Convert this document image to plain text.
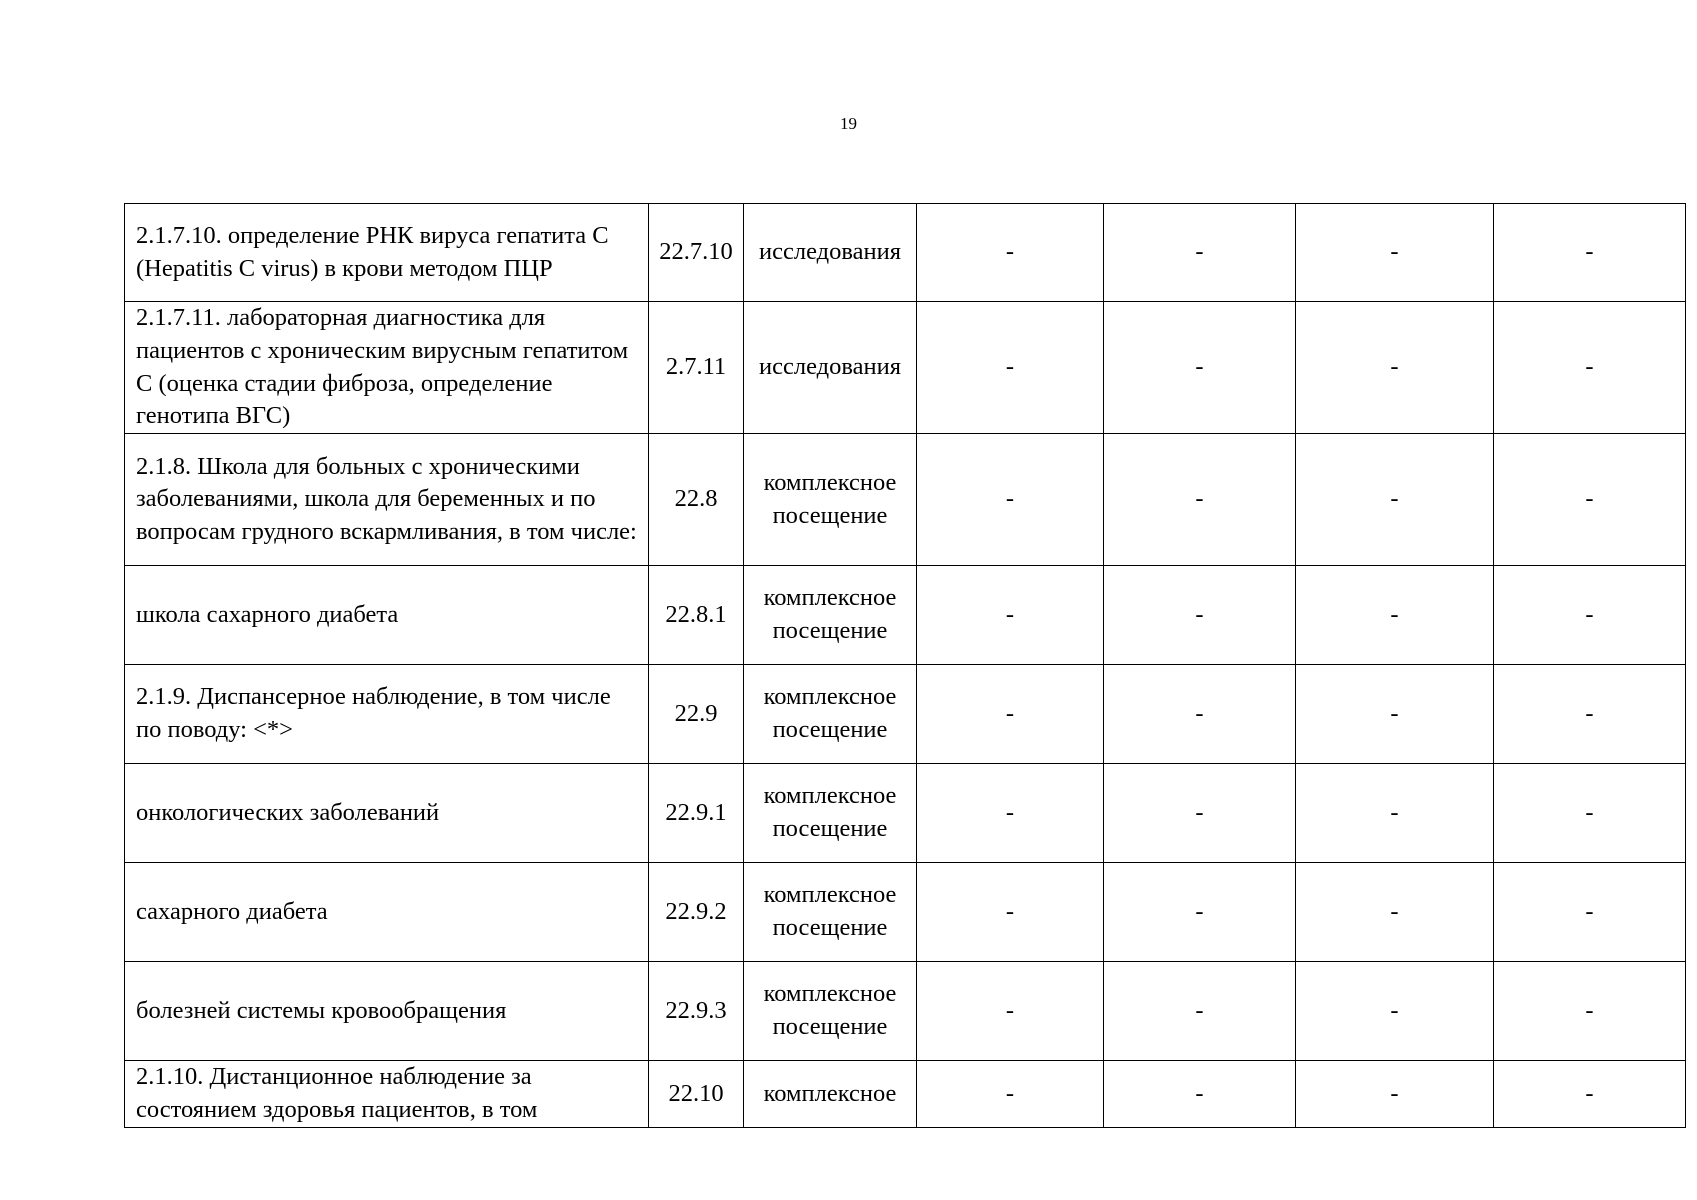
19
2.1.7.10. определение РНК вируса гепатита С (Hepatitis C virus) в крови методом ПЦР	22.7.10	исследования	-	-	-	-

2.1.7.11. лабораторная диагностика для пациентов с хроническим вирусным гепатитом С (оценка стадии фиброза, определение генотипа ВГС)	2.7.11	исследования	-	-	-	-

2.1.8. Школа для больных с хроническими заболеваниями, школа для беременных и по вопросам грудного вскармливания, в том числе:	22.8	комплексное посещение	-	-	-	-

школа сахарного диабета	22.8.1	комплексное посещение	-	-	-	-

2.1.9. Диспансерное наблюдение, в том числе по поводу: <*>	22.9	комплексное посещение	-	-	-	-

онкологических заболеваний	22.9.1	комплексное посещение	-	-	-	-

сахарного диабета	22.9.2	комплексное посещение	-	-	-	-

болезней системы кровообращения	22.9.3	комплексное посещение	-	-	-	-

2.1.10. Дистанционное наблюдение за состоянием здоровья пациентов, в том	22.10	комплексное	-	-	-	-
